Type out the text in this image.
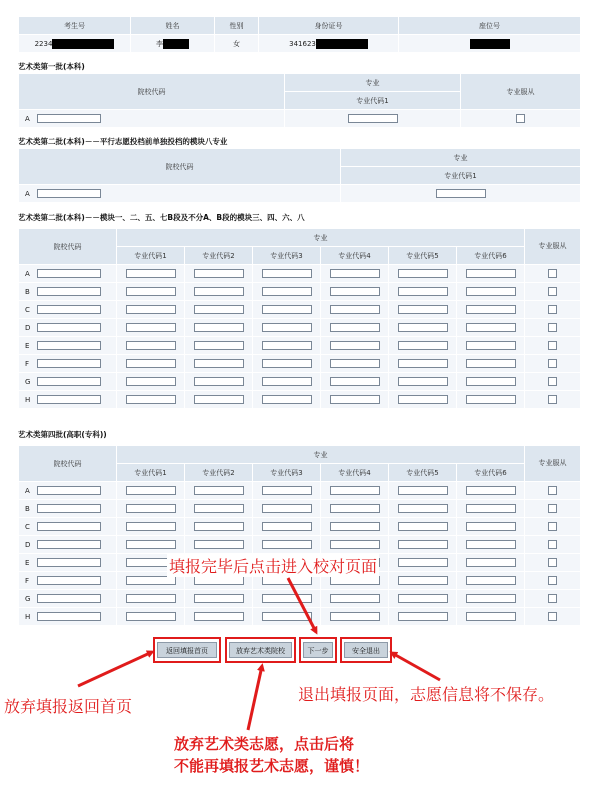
考生号	姓名	性别	身份证号	座位号
2234	李	女	341623	
艺术类第一批(本科)
院校代码	专业	专业服从
	专业代码1	
A		
艺术类第二批(本科)－－平行志愿投档前单独投档的模块八专业
院校代码	专业
	专业代码1
A	
艺术类第二批(本科)－－模块一、二、五、七B段及不分A、B段的模块三、四、六、八
院校代码	专业						专业服从
	专业代码1	专业代码2	专业代码3	专业代码4	专业代码5	专业代码6	
A							
B							
C							
D							
E							
F							
G							
H							
艺术类第四批(高职(专科))
院校代码	专业						专业服从
	专业代码1	专业代码2	专业代码3	专业代码4	专业代码5	专业代码6	
A							
B							
C							
D							
E							
F							
G							
H							
填报完毕后点击进入校对页面
返回填报首页	放弃艺术类院校	下一步	安全退出
放弃填报返回首页
退出填报页面，志愿信息将不保存。
放弃艺术类志愿，点击后将
不能再填报艺术志愿，谨慎！
